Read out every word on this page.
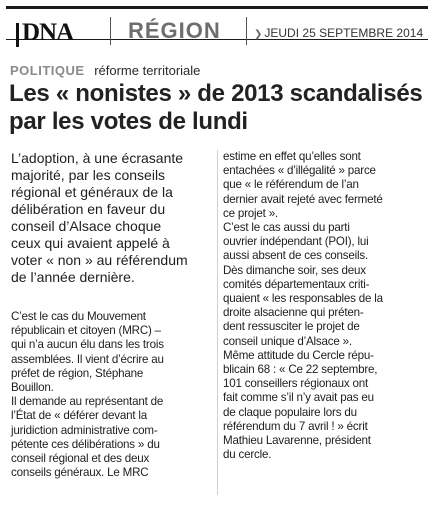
DNA RÉGION	❯ JEUDI 25 SEPTEMBRE 2014
POLITIQUE réforme territoriale
Les « nonistes » de 2013 scandalisés
par les votes de lundi

L’adoption, à une écrasante
majorité, par les conseils
régional et généraux de la
délibération en faveur du
conseil d’Alsace choque
ceux qui avaient appelé à
voter « non » au référendum
de l’année dernière.

C’est le cas du Mouvement
républicain et citoyen (MRC) –
qui n’a aucun élu dans les trois
assemblées. Il vient d’écrire au
préfet de région, Stéphane
Bouillon.
Il demande au représentant de
l’État de « déférer devant la
juridiction administrative com-
pétente ces délibérations » du
conseil régional et des deux
conseils généraux. Le MRC

estime en effet qu’elles sont
entachées « d’illégalité » parce
que « le référendum de l’an
dernier avait rejeté avec fermeté
ce projet ».
C’est le cas aussi du parti
ouvrier indépendant (POI), lui
aussi absent de ces conseils.
Dès dimanche soir, ses deux
comités départementaux criti-
quaient « les responsables de la
droite alsacienne qui préten-
dent ressusciter le projet de
conseil unique d’Alsace ».
Même attitude du Cercle répu-
blicain 68 : « Ce 22 septembre,
101 conseillers régionaux ont
fait comme s’il n’y avait pas eu
de claque populaire lors du
référendum du 7 avril ! » écrit
Mathieu Lavarenne, président
du cercle.
